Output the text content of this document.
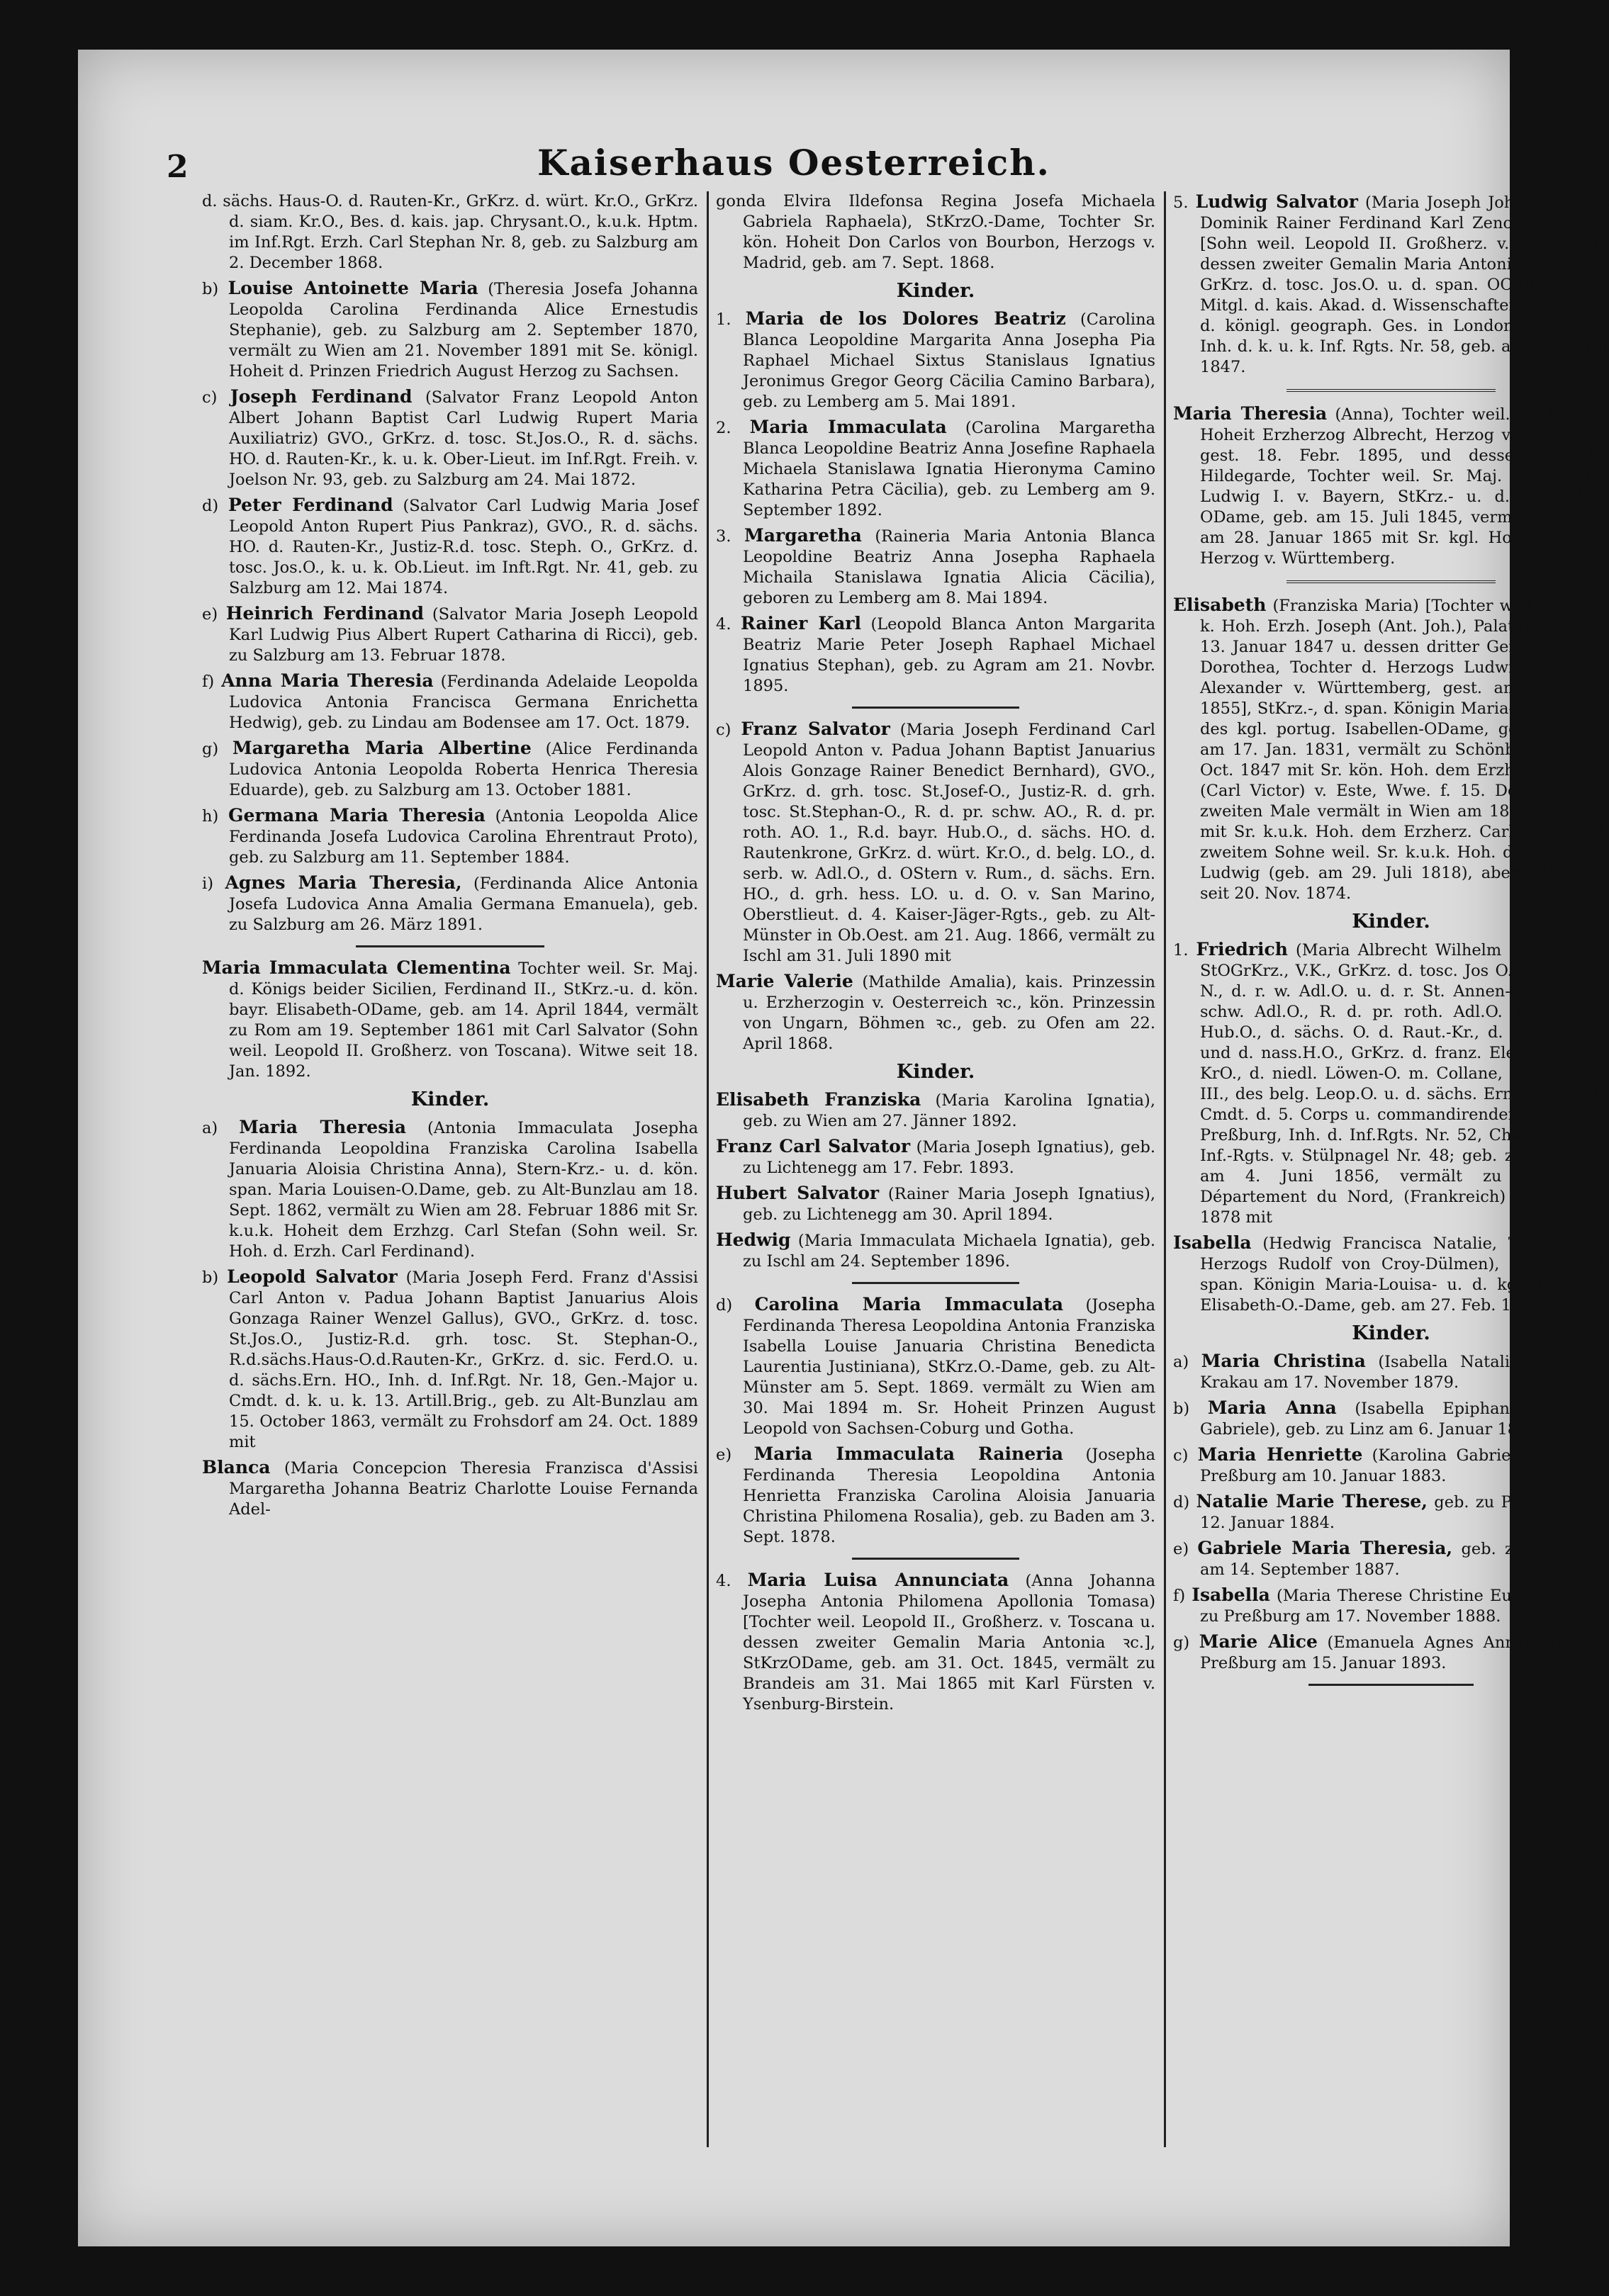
2	Kaiserhaus Oesterreich.

d. sächs. Haus-O. d. Rauten-Kr., GrKrz. d. würt. Kr.O., GrKrz. d. siam. Kr.O., Bes. d. kais. jap. Chrysant.O., k.u.k. Hptm. im Inf.Rgt. Erzh. Carl Stephan Nr. 8, geb. zu Salzburg am 2. December 1868.

b) Louise Antoinette Maria (Theresia Josefa Johanna Leopolda Carolina Ferdinanda Alice Ernestudis Stephanie), geb. zu Salzburg am 2. September 1870, vermält zu Wien am 21. November 1891 mit Se. königl. Hoheit d. Prinzen Friedrich August Herzog zu Sachsen.

c) Joseph Ferdinand (Salvator Franz Leopold Anton Albert Johann Baptist Carl Ludwig Rupert Maria Auxiliatriz) GVO., GrKrz. d. tosc. St.Jos.O., R. d. sächs. HO. d. Rauten-Kr., k. u. k. Ober-Lieut. im Inf.Rgt. Freih. v. Joelson Nr. 93, geb. zu Salzburg am 24. Mai 1872.

d) Peter Ferdinand (Salvator Carl Ludwig Maria Josef Leopold Anton Rupert Pius Pankraz), GVO., R. d. sächs. HO. d. Rauten-Kr., Justiz-R.d. tosc. Steph. O., GrKrz. d. tosc. Jos.O., k. u. k. Ob.Lieut. im Inft.Rgt. Nr. 41, geb. zu Salzburg am 12. Mai 1874.

e) Heinrich Ferdinand (Salvator Maria Joseph Leopold Karl Ludwig Pius Albert Rupert Catharina di Ricci), geb. zu Salzburg am 13. Februar 1878.

f) Anna Maria Theresia (Ferdinanda Adelaide Leopolda Ludovica Antonia Francisca Germana Enrichetta Hedwig), geb. zu Lindau am Bodensee am 17. Oct. 1879.

g) Margaretha Maria Albertine (Alice Ferdinanda Ludovica Antonia Leopolda Roberta Henrica Theresia Eduarde), geb. zu Salzburg am 13. October 1881.

h) Germana Maria Theresia (Antonia Leopolda Alice Ferdinanda Josefa Ludovica Carolina Ehrentraut Proto), geb. zu Salzburg am 11. September 1884.

i) Agnes Maria Theresia, (Ferdinanda Alice Antonia Josefa Ludovica Anna Amalia Germana Emanuela), geb. zu Salzburg am 26. März 1891.

Maria Immaculata Clementina Tochter weil. Sr. Maj. d. Königs beider Sicilien, Ferdinand II., StKrz.-u. d. kön. bayr. Elisabeth-ODame, geb. am 14. April 1844, vermält zu Rom am 19. September 1861 mit Carl Salvator (Sohn weil. Leopold II. Großherz. von Toscana). Witwe seit 18. Jan. 1892.

Kinder.

a) Maria Theresia (Antonia Immaculata Josepha Ferdinanda Leopoldina Franziska Carolina Isabella Januaria Aloisia Christina Anna), Stern-Krz.- u. d. kön. span. Maria Louisen-O.Dame, geb. zu Alt-Bunzlau am 18. Sept. 1862, vermält zu Wien am 28. Februar 1886 mit Sr. k.u.k. Hoheit dem Erzhzg. Carl Stefan (Sohn weil. Sr. Hoh. d. Erzh. Carl Ferdinand).

b) Leopold Salvator (Maria Joseph Ferd. Franz d'Assisi Carl Anton v. Padua Johann Baptist Januarius Alois Gonzaga Rainer Wenzel Gallus), GVO., GrKrz. d. tosc. St.Jos.O., Justiz-R.d. grh. tosc. St. Stephan-O., R.d.sächs.Haus-O.d.Rauten-Kr., GrKrz. d. sic. Ferd.O. u. d. sächs.Ern. HO., Inh. d. Inf.Rgt. Nr. 18, Gen.-Major u. Cmdt. d. k. u. k. 13. Artill.Brig., geb. zu Alt-Bunzlau am 15. October 1863, vermält zu Frohsdorf am 24. Oct. 1889 mit

Blanca (Maria Concepcion Theresia Franzisca d'Assisi Margaretha Johanna Beatriz Charlotte Louise Fernanda Adel-

gonda Elvira Ildefonsa Regina Josefa Michaela Gabriela Raphaela), StKrzO.-Dame, Tochter Sr. kön. Hoheit Don Carlos von Bourbon, Herzogs v. Madrid, geb. am 7. Sept. 1868.

Kinder.

1. Maria de los Dolores Beatriz (Carolina Blanca Leopoldine Margarita Anna Josepha Pia Raphael Michael Sixtus Stanislaus Ignatius Jeronimus Gregor Georg Cäcilia Camino Barbara), geb. zu Lemberg am 5. Mai 1891.

2. Maria Immaculata (Carolina Margaretha Blanca Leopoldine Beatriz Anna Josefine Raphaela Michaela Stanislawa Ignatia Hieronyma Camino Katharina Petra Cäcilia), geb. zu Lemberg am 9. September 1892.

3. Margaretha (Raineria Maria Antonia Blanca Leopoldine Beatriz Anna Josepha Raphaela Michaila Stanislawa Ignatia Alicia Cäcilia), geboren zu Lemberg am 8. Mai 1894.

4. Rainer Karl (Leopold Blanca Anton Margarita Beatriz Marie Peter Joseph Raphael Michael Ignatius Stephan), geb. zu Agram am 21. Novbr. 1895.

c) Franz Salvator (Maria Joseph Ferdinand Carl Leopold Anton v. Padua Johann Baptist Januarius Alois Gonzage Rainer Benedict Bernhard), GVO., GrKrz. d. grh. tosc. St.Josef-O., Justiz-R. d. grh. tosc. St.Stephan-O., R. d. pr. schw. AO., R. d. pr. roth. AO. 1., R.d. bayr. Hub.O., d. sächs. HO. d. Rautenkrone, GrKrz. d. würt. Kr.O., d. belg. LO., d. serb. w. Adl.O., d. OStern v. Rum., d. sächs. Ern. HO., d. grh. hess. LO. u. d. O. v. San Marino, Oberstlieut. d. 4. Kaiser-Jäger-Rgts., geb. zu Alt-Münster in Ob.Oest. am 21. Aug. 1866, vermält zu Ischl am 31. Juli 1890 mit

Marie Valerie (Mathilde Amalia), kais. Prinzessin u. Erzherzogin v. Oesterreich ꝛc., kön. Prinzessin von Ungarn, Böhmen ꝛc., geb. zu Ofen am 22. April 1868.

Kinder.

Elisabeth Franziska (Maria Karolina Ignatia), geb. zu Wien am 27. Jänner 1892.

Franz Carl Salvator (Maria Joseph Ignatius), geb. zu Lichtenegg am 17. Febr. 1893.

Hubert Salvator (Rainer Maria Joseph Ignatius), geb. zu Lichtenegg am 30. April 1894.

Hedwig (Maria Immaculata Michaela Ignatia), geb. zu Ischl am 24. September 1896.

d) Carolina Maria Immaculata (Josepha Ferdinanda Theresa Leopoldina Antonia Franziska Isabella Louise Januaria Christina Benedicta Laurentia Justiniana), StKrz.O.-Dame, geb. zu Alt-Münster am 5. Sept. 1869. vermält zu Wien am 30. Mai 1894 m. Sr. Hoheit Prinzen August Leopold von Sachsen-Coburg und Gotha.

e) Maria Immaculata Raineria (Josepha Ferdinanda Theresia Leopoldina Antonia Henrietta Franziska Carolina Aloisia Januaria Christina Philomena Rosalia), geb. zu Baden am 3. Sept. 1878.

4. Maria Luisa Annunciata (Anna Johanna Josepha Antonia Philomena Apollonia Tomasa) [Tochter weil. Leopold II., Großherz. v. Toscana u. dessen zweiter Gemalin Maria Antonia ꝛc.], StKrzODame, geb. am 31. Oct. 1845, vermält zu Brandeis am 31. Mai 1865 mit Karl Fürsten v. Ysenburg-Birstein.

5. Ludwig Salvator (Maria Joseph Johann Baptist Dominik Rainer Ferdinand Karl Zenobius Anton) [Sohn weil. Leopold II. Großherz. v. Toscana u. dessen zweiter Gemalin Maria Antonia ꝛc.] GVO., GrKrz. d. tosc. Jos.O. u. d. span. OC.III., Ehren-Mitgl. d. kais. Akad. d. Wissenschaften in Wien u. d. königl. geograph. Ges. in London, Oberst u. Inh. d. k. u. k. Inf. Rgts. Nr. 58, geb. am 4. August 1847.

Maria Theresia (Anna), Tochter weil. Sr. k. u. k. Hoheit Erzherzog Albrecht, Herzog von Teschen, gest. 18. Febr. 1895, und dessen Gemalin Hildegarde, Tochter weil. Sr. Maj. des Königs Ludwig I. v. Bayern, StKrz.- u. d.würt. Olga-ODame, geb. am 15. Juli 1845, vermält zu Wien am 28. Januar 1865 mit Sr. kgl. Hoheit Philipp Herzog v. Württemberg.

Elisabeth (Franziska Maria) [Tochter weil. Sr. k. u. k. Hoh. Erzh. Joseph (Ant. Joh.), Palatin ꝛc., gest. 13. Januar 1847 u. dessen dritter Gemalin Maria Dorothea, Tochter d. Herzogs Ludwig Friedrich Alexander v. Württemberg, gest. am 30. März 1855], StKrz.-, d. span. Königin Maria-Louisa- und des kgl. portug. Isabellen-ODame, geb. zu Ofen am 17. Jan. 1831, vermält zu Schönbrunn am 4. Oct. 1847 mit Sr. kön. Hoh. dem Erzh. Ferdinand (Carl Victor) v. Este, Wwe. f. 15. Dec. 1849, z. zweiten Male vermält in Wien am 18. April 1854 mit Sr. k.u.k. Hoh. dem Erzherz. Carl Ferdinand, zweitem Sohne weil. Sr. k.u.k. Hoh. d. Erzh. Carl Ludwig (geb. am 29. Juli 1818), abermals Wwe. seit 20. Nov. 1874.

Kinder.

1. Friedrich (Maria Albrecht Wilhelm Carl), GVO., StOGrKrz., V.K., GrKrz. d. tosc. Jos O., d. r. Alex.-N., d. r. w. Adl.O. u. d. r. St. Annen-O. 1., d. pr. schw. Adl.O., R. d. pr. roth. Adl.O. 1., d. bayr. Hub.O., d. sächs. O. d. Raut.-Kr., d. dän. Elef.O. und d. nass.H.O., GrKrz. d. franz. Eleg., d. würt. KrO., d. niedl. Löwen-O. m. Collane, d. span. OC III., des belg. Leop.O. u. d. sächs. Ern.HO., FZM., Cmdt. d. 5. Corps u. commandirender General in Preßburg, Inh. d. Inf.Rgts. Nr. 52, Chef d. preuß. Inf.-Rgts. v. Stülpnagel Nr. 48; geb. zu Seelowitz am 4. Juni 1856, vermält zu Hermitage Département du Nord, (Frankreich) am 8. Oct. 1878 mit

Isabella (Hedwig Francisca Natalie, Tochter des Herzogs Rudolf von Croy-Dülmen), StKrzO.-, d. span. Königin Maria-Louisa- u. d. kgl. bayr. St. Elisabeth-O.-Dame, geb. am 27. Feb. 1856.

Kinder.

a) Maria Christina (Isabella Natalie), geb. zu Krakau am 17. November 1879.

b) Maria Anna (Isabella Epiphania Eugenia Gabriele), geb. zu Linz am 6. Januar 1882.

c) Maria Henriette (Karolina Gabriele), geb. zu Preßburg am 10. Januar 1883.

d) Natalie Marie Therese, geb. zu Preßburg am 12. Januar 1884.

e) Gabriele Maria Theresia, geb. zu Preßburg am 14. September 1887.

f) Isabella (Maria Therese Christine Eugenie), geb. zu Preßburg am 17. November 1888.

g) Marie Alice (Emanuela Agnes Anna), geb. zu Preßburg am 15. Januar 1893.
